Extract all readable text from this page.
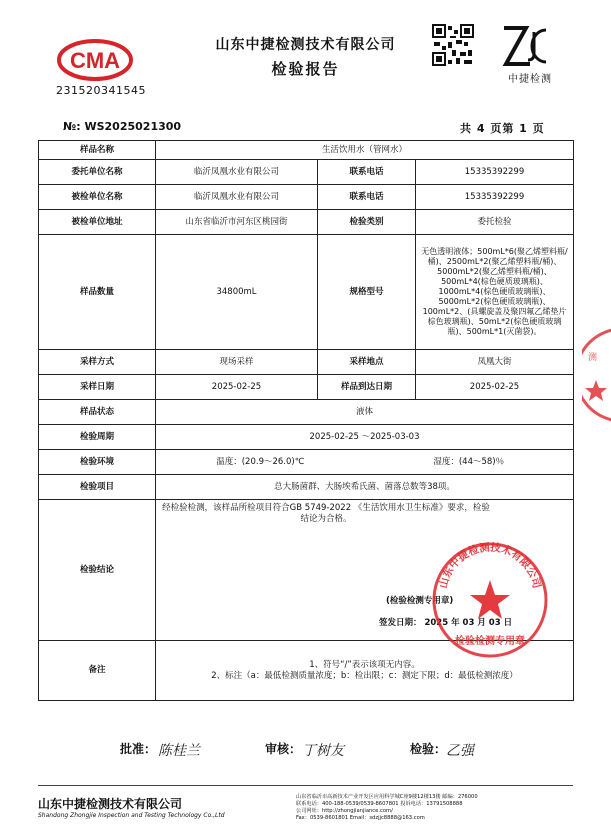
CMA
231520341545
山东中捷检测技术有限公司
检验报告
中捷检测
№: WS2025021300	共 4 页第 1 页
样品名称	生活饮用水（管网水）		
委托单位名称	临沂凤凰水业有限公司	联系电话	15335392299
被检单位名称	临沂凤凰水业有限公司	联系电话	15335392299
被检单位地址	山东省临沂市河东区桃园街	检验类别	委托检验
样品数量	34800mL	规格型号	无色透明液体；500mL*6(聚乙烯塑料瓶/桶)、2500mL*2(聚乙烯塑料瓶/桶)、5000mL*2(聚乙烯塑料瓶/桶)、500mL*4(棕色硬质玻璃瓶)、1000mL*4(棕色硬质玻璃瓶)、5000mL*2(棕色硬质玻璃瓶)、100mL*2、(具螺旋盖及聚四氟乙烯垫片棕色玻璃瓶)、50mL*2(棕色硬质玻璃瓶)、500mL*1(灭菌袋)。
采样方式	现场采样	采样地点	凤凰大街
采样日期	2025-02-25	样品到达日期	2025-02-25
样品状态	液体		
检验周期	2025-02-25 ～2025-03-03		
检验环境	温度：(20.9～26.0)℃ 湿度：(44～58)％		

检验项目	总大肠菌群、大肠埃希氏菌、菌落总数等38项。		
检验结论	经检验检测，该样品所检项目符合GB 5749-2022 《生活饮用水卫生标准》要求，检验结论为合格。
(检验检测专用章)
签发日期： 2025 年 03 月 03 日		

备注	1、符号“/”表示该项无内容。
2、标注（a：最低检测质量浓度；b：检出限；c：测定下限；d：最低检测浓度）		
山东中捷检测技术有限公司
检验检测专用章
测
批准： 陈桂兰	审核： 丁树友	检验： 乙强
山东中捷检测技术有限公司
Shandong Zhongjie Inspection and Testing Technology Co.,Ltd
山东省临沂市高新技术产业开发区应用科学城C座9楼12楼13楼 邮编：276000
联系电话：400-188-0539/0539-8607801 投诉电话：13791508888
公司网址：http://zhongjianjiance.com/
Fax：0539-8601801 Email：sdzjjc8888@163.com
